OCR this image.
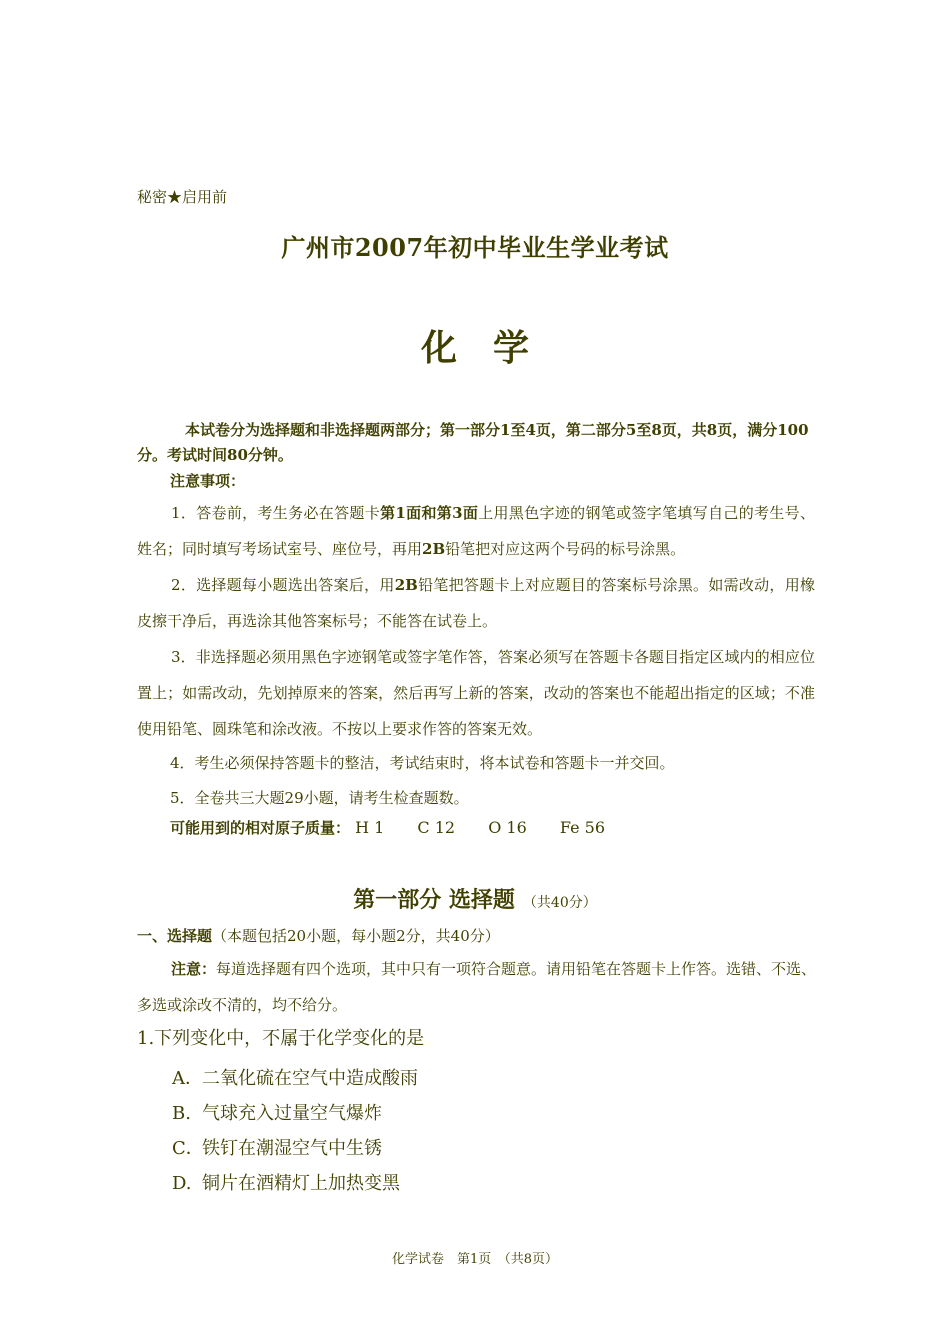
秘密★启用前
广州市2007年初中毕业生学业考试
化学
本试卷分为选择题和非选择题两部分；第一部分1至4页，第二部分5至8页，共8页，满分100分。考试时间80分钟。
注意事项：
1．答卷前，考生务必在答题卡第1面和第3面上用黑色字迹的钢笔或签字笔填写自己的考生号、姓名；同时填写考场试室号、座位号，再用2B铅笔把对应这两个号码的标号涂黑。
2．选择题每小题选出答案后，用2B铅笔把答题卡上对应题目的答案标号涂黑。如需改动，用橡皮擦干净后，再选涂其他答案标号；不能答在试卷上。
3．非选择题必须用黑色字迹钢笔或签字笔作答，答案必须写在答题卡各题目指定区域内的相应位置上；如需改动，先划掉原来的答案，然后再写上新的答案，改动的答案也不能超出指定的区域；不准使用铅笔、圆珠笔和涂改液。不按以上要求作答的答案无效。
4．考生必须保持答题卡的整洁，考试结束时，将本试卷和答题卡一并交回。
5．全卷共三大题29小题，请考生检查题数。
可能用到的相对原子质量： H 1 C 12 O 16 Fe 56
第一部分 选择题 （共40分）
一、选择题（本题包括20小题，每小题2分，共40分）
注意：每道选择题有四个选项，其中只有一项符合题意。请用铅笔在答题卡上作答。选错、不选、多选或涂改不清的，均不给分。
1.下列变化中，不属于化学变化的是
A．二氧化硫在空气中造成酸雨
B. 气球充入过量空气爆炸
C．铁钉在潮湿空气中生锈
D. 铜片在酒精灯上加热变黑
化学试卷　第1页　（共8页）
